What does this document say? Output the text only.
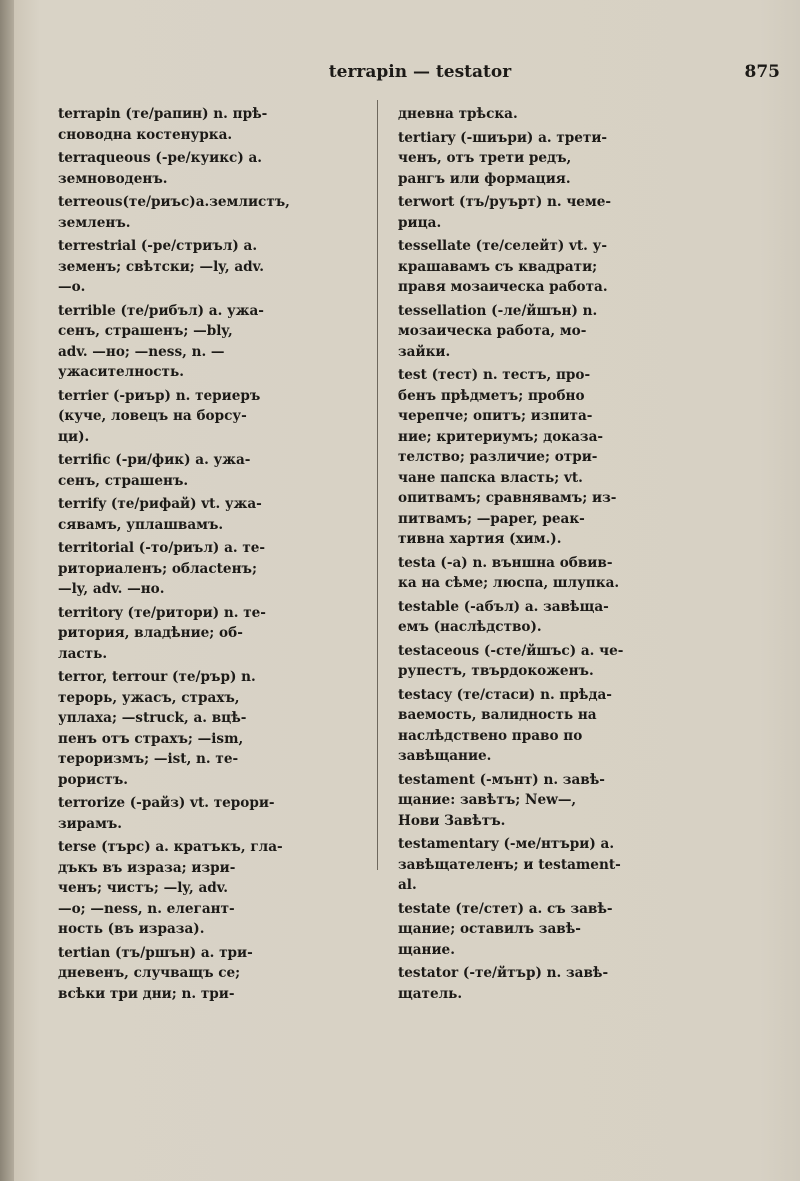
terrapin — testator	875

terrapin (те/рапин) n. прѣ-

сноводна костенурка.

terraqueous (-ре/куикс) a.

земноводенъ.

terreous(те/риъс)a.землистъ,

земленъ.

terrestrial (-ре/стриъл) a.

земенъ; свѣтски; —ly, adv.

—о.

terrible (те/рибъл) a. ужа-

сенъ, страшенъ; —bly,

adv. —но; —ness, n. —

ужасителность.

terrier (-риър) n. териеръ

(куче, ловецъ на борсу-

ци).

terrific (-ри/фик) a. ужа-

сенъ, страшенъ.

terrify (те/рифай) vt. ужа-

сявамъ, уплашвамъ.

territorial (-то/риъл) a. те-

риториаленъ; обласtенъ;

—ly, adv. —но.

territory (те/ритори) n. те-

ритория, владѣние; об-

ласть.

terror, terrour (те/ръp) n.

терорь, ужасъ, страхъ,

уплаха; —struck, a. вцѣ-

пенъ отъ страхъ; —ism,

тероризмъ; —ist, n. те-

рористъ.

terrorize (-райз) vt. терори-

зирамъ.

terse (тъpc) a. кратъкъ, гла-

дъкъ въ израза; изри-

ченъ; чистъ; —ly, adv.

—о; —ness, n. елегант-

ность (въ израза).

tertian (тъ/ршън) a. три-

дневенъ, случващъ се;

всѣки три дни; n. три-

дневна трѣска.

tertiary (-шиъри) a. трети-

ченъ, отъ трети редъ,

рангъ или формация.

terwort (тъ/руърт) n. чеме-

рица.

tessellate (те/селейт) vt. у-

крашавамъ съ квадрати;

правя мозаическа работа.

tessellation (-ле/йшън) n.

мозаическа работа, мо-

зайки.

test (тест) n. тестъ, про-

бенъ прѣдметъ; пробно

черепче; опитъ; изпита-

ние; критериумъ; доказа-

телство; различие; отри-

чане папска власть; vt.

опитвамъ; сравнявамъ; из-

питвамъ; —paper, реак-

тивна хартия (хим.).

testa (-а) n. външна обвив-

ка на сѣме; люспа, шлупка.

testable (-абъл) a. завѣща-

емъ (наслѣдство).

testaceous (-сте/йшъс) a. че-

рупестъ, твърдокоженъ.

testacy (те/стаси) n. прѣда-

ваемость, валидность на

наслѣдствено право по

завѣщание.

testament (-мънт) n. завѣ-

щание: завѣтъ; New—,

Нови Завѣтъ.

testamentary (-ме/нтъри) a.

завѣщателенъ; и testament-

al.

testate (те/стет) a. съ завѣ-

щание; оставилъ завѣ-

щание.

testator (-те/йтър) n. завѣ-

щатель.
